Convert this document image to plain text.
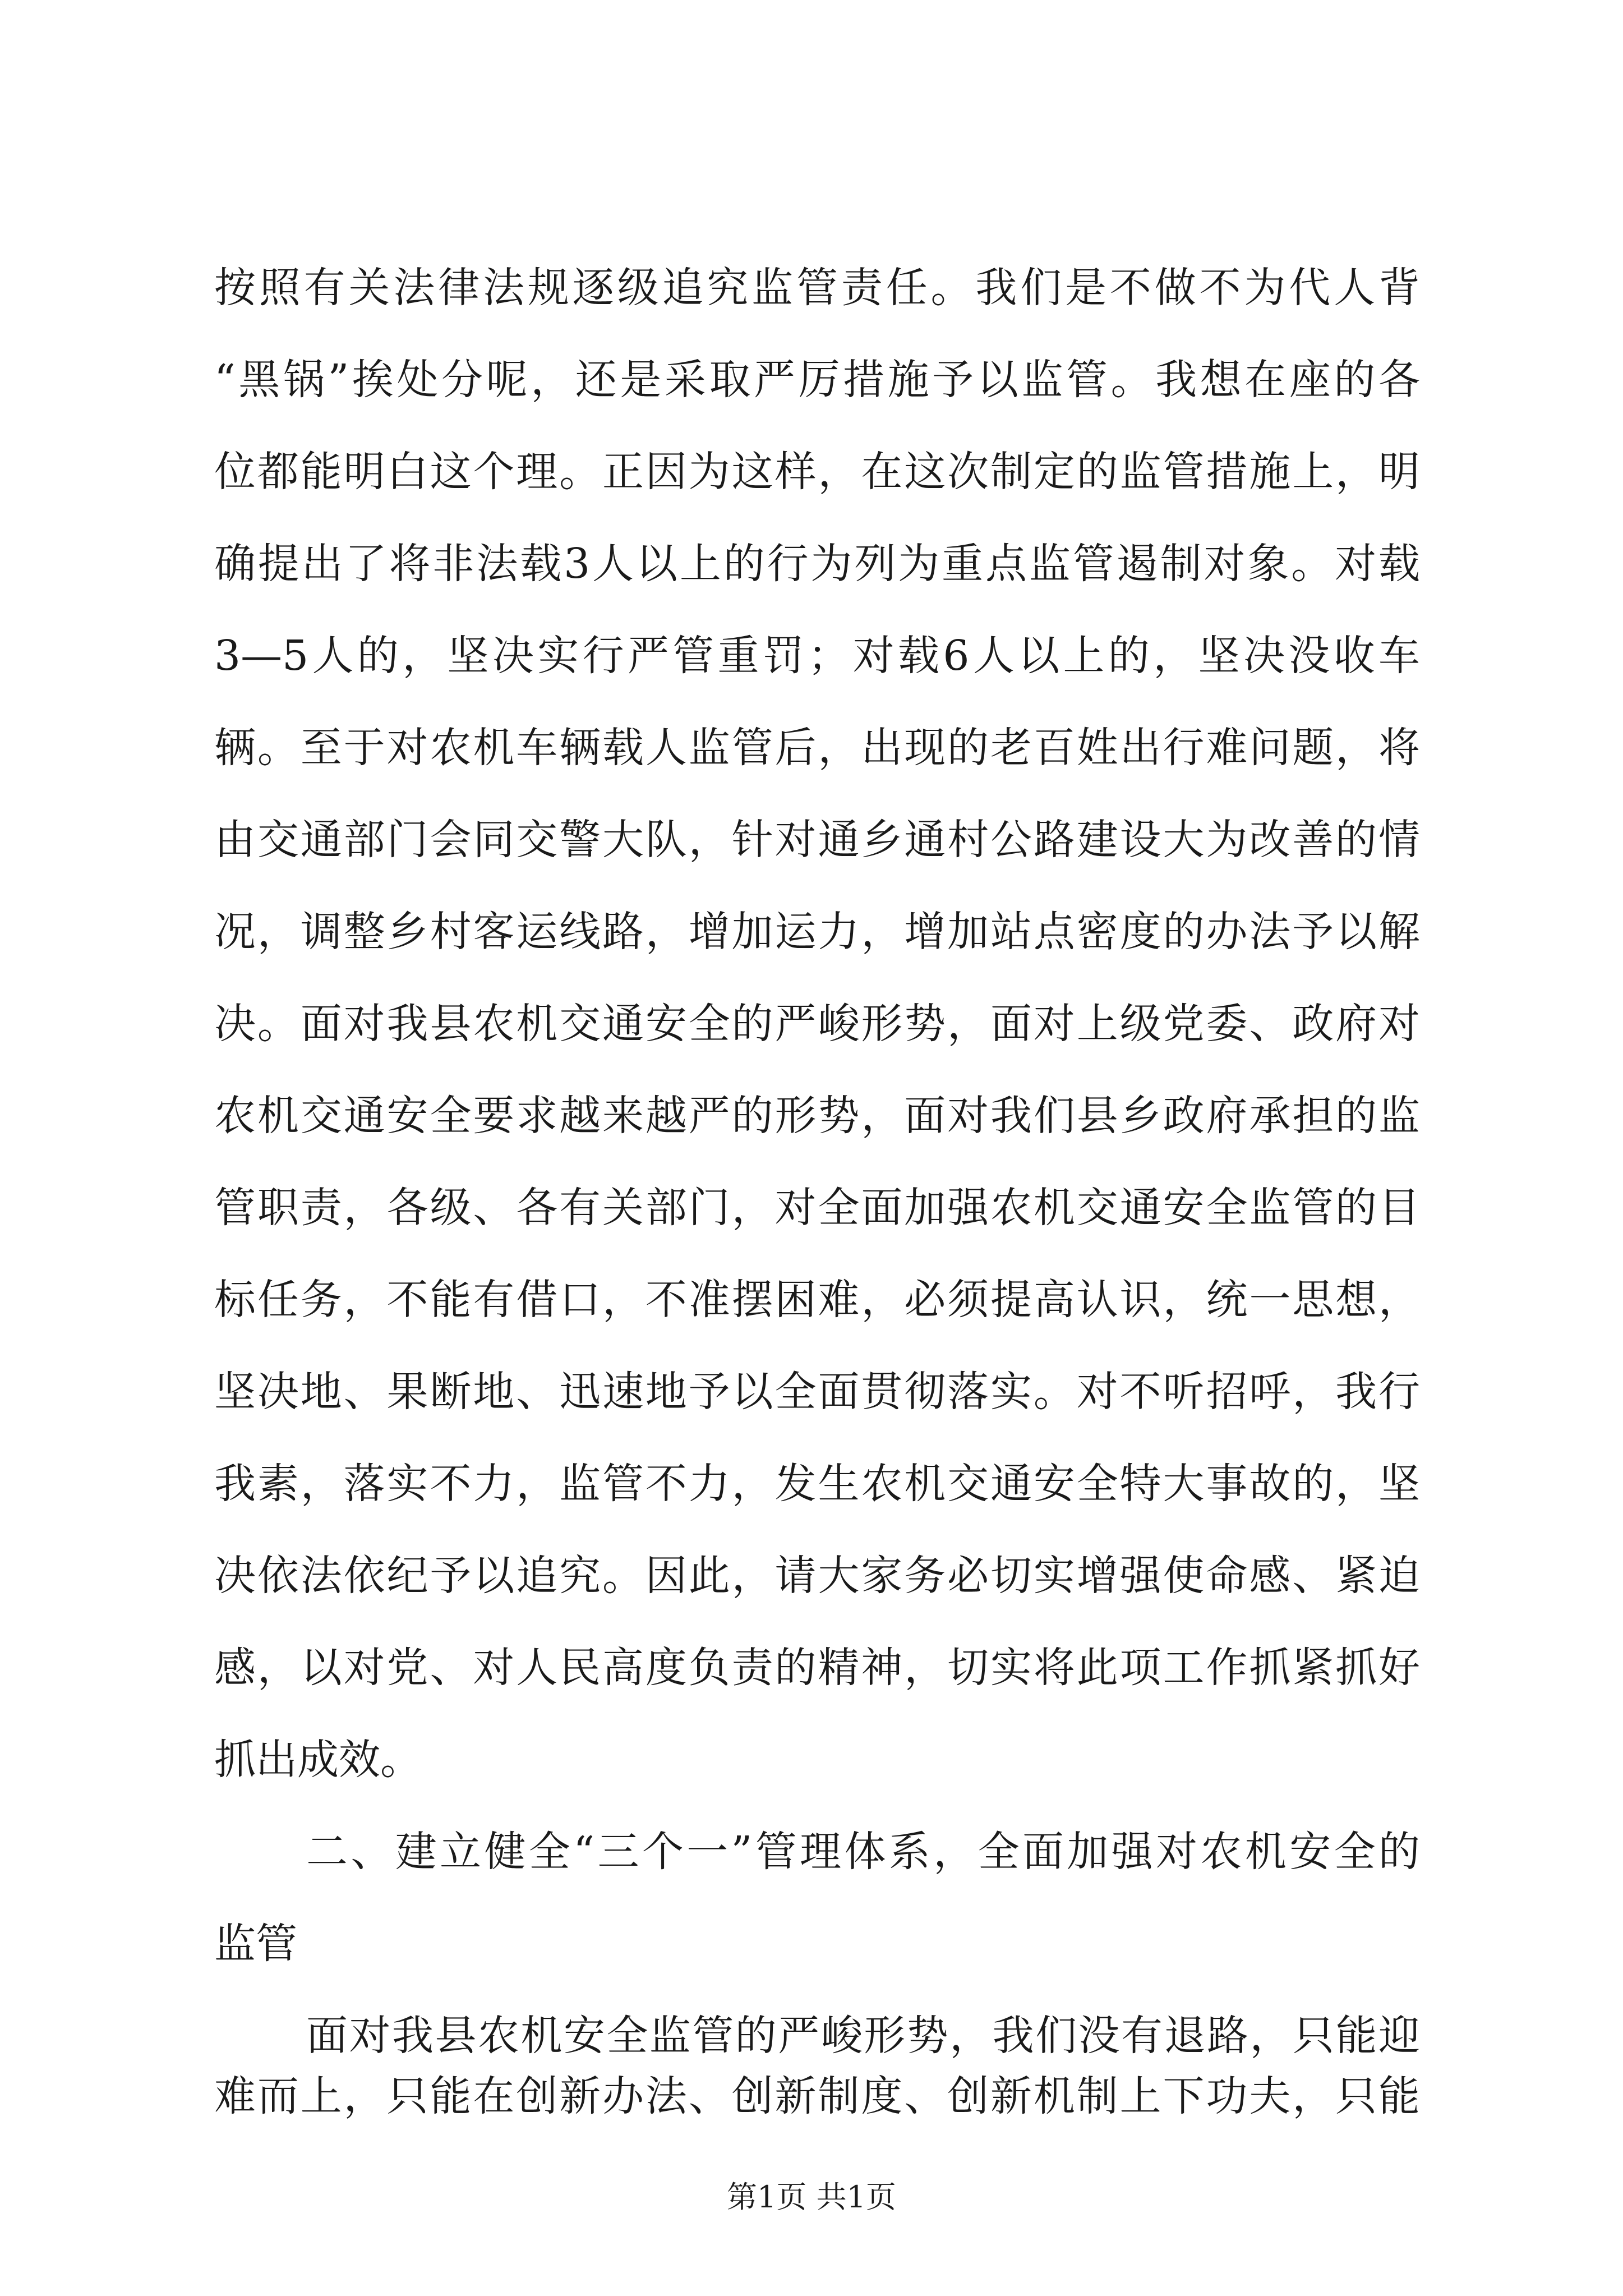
按照有关法律法规逐级追究监管责任。我们是不做不为代人背
“黑锅”挨处分呢，还是采取严厉措施予以监管。我想在座的各
位都能明白这个理。正因为这样，在这次制定的监管措施上，明
确提出了将非法载3人以上的行为列为重点监管遏制对象。对载
3—5人的，坚决实行严管重罚；对载6人以上的，坚决没收车
辆。至于对农机车辆载人监管后，出现的老百姓出行难问题，将
由交通部门会同交警大队，针对通乡通村公路建设大为改善的情
况，调整乡村客运线路，增加运力，增加站点密度的办法予以解
决。面对我县农机交通安全的严峻形势，面对上级党委、政府对
农机交通安全要求越来越严的形势，面对我们县乡政府承担的监
管职责，各级、各有关部门，对全面加强农机交通安全监管的目
标任务，不能有借口，不准摆困难，必须提高认识，统一思想，
坚决地、果断地、迅速地予以全面贯彻落实。对不听招呼，我行
我素，落实不力，监管不力，发生农机交通安全特大事故的，坚
决依法依纪予以追究。因此，请大家务必切实增强使命感、紧迫
感，以对党、对人民高度负责的精神，切实将此项工作抓紧抓好
抓出成效。
二、建立健全“三个一”管理体系，全面加强对农机安全的
监管
面对我县农机安全监管的严峻形势，我们没有退路，只能迎
难而上，只能在创新办法、创新制度、创新机制上下功夫，只能
第1页 共1页
